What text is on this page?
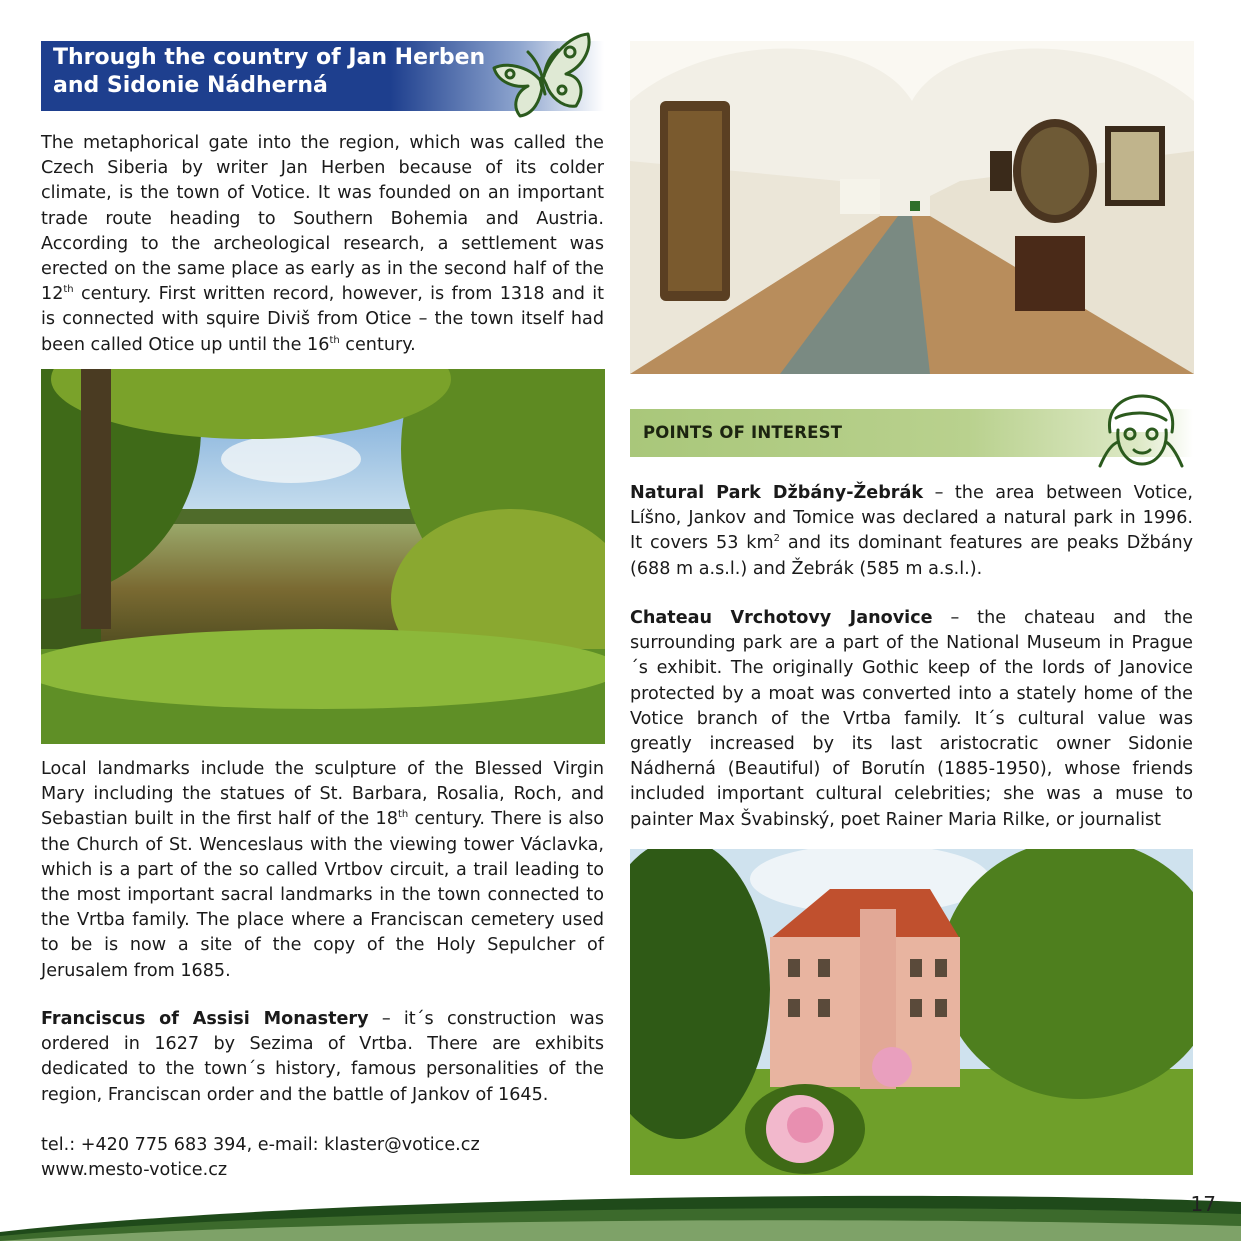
Through the country of Jan Herben
and Sidonie Nádherná

The metaphorical gate into the region, which was called the Czech Siberia by writer Jan Herben because of its colder climate, is the town of Votice. It was founded on an important trade route heading to Southern Bohemia and Austria. According to the archeological research, a settlement was erected on the same place as early as in the second half of the 12th century. First written record, however, is from 1318 and it is connected with squire Diviš from Otice – the town itself had been called Otice up until the 16th century.

Local landmarks include the sculpture of the Blessed Virgin Mary including the statues of St. Barbara, Rosalia, Roch, and Sebastian built in the first half of the 18th century. There is also the Church of St. Wenceslaus with the viewing tower Václavka, which is a part of the so called Vrtbov circuit, a trail leading to the most important sacral landmarks in the town connected to the Vrtba family. The place where a Franciscan cemetery used to be is now a site of the copy of the Holy Sepulcher of Jerusalem from 1685.

Franciscus of Assisi Monastery – it´s construction was ordered in 1627 by Sezima of Vrtba. There are exhibits dedicated to the town´s history, famous personalities of the region, Franciscan order and the battle of Jankov of 1645.

tel.: +420 775 683 394, e-mail: klaster@votice.cz
www.mesto-votice.cz
POINTS OF INTEREST

Natural Park Džbány-Žebrák – the area between Votice, Líšno, Jankov and Tomice was declared a natural park in 1996. It covers 53 $km^2$ and its dominant features are peaks Džbány (688 m a.s.l.) and Žebrák (585 m a.s.l.).

Chateau Vrchotovy Janovice – the chateau and the surrounding park are a part of the National Museum in Prague´s exhibit. The originally Gothic keep of the lords of Janovice protected by a moat was converted into a stately home of the Votice branch of the Vrtba family. It´s cultural value was greatly increased by its last aristocratic owner Sidonie Nádherná (Beautiful) of Borutín (1885-1950), whose friends included important cultural celebrities; she was a muse to painter Max Švabinský, poet Rainer Maria Rilke, or journalist

17
